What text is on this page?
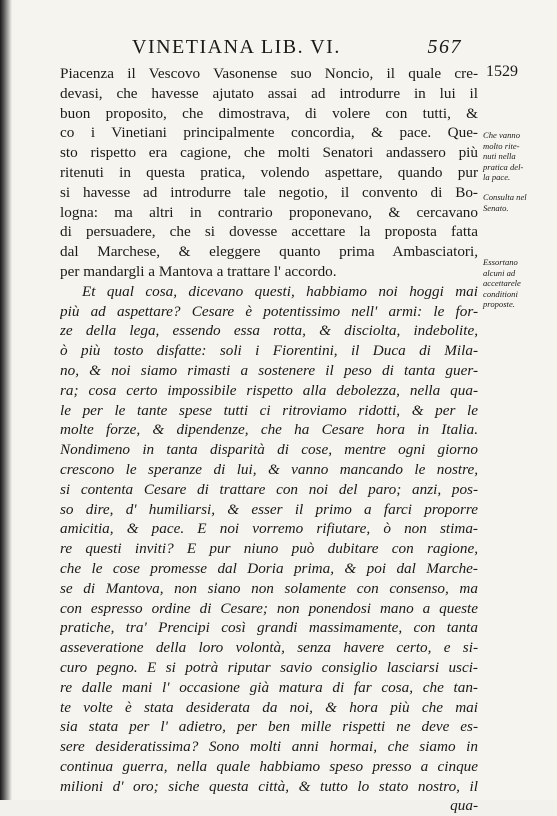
VINETIANA LIB. VI.	567
1529
Piacenza il Vescovo Vasonense suo Noncio, il quale cre-
devasi, che havesse ajutato assai ad introdurre in lui il
buon proposito, che dimostrava, di volere con tutti, &
co i Vinetiani principalmente concordia, & pace. Que-
sto rispetto era cagione, che molti Senatori andassero più
ritenuti in questa pratica, volendo aspettare, quando pur
si havesse ad introdurre tale negotio, il convento di Bo-
logna: ma altri in contrario proponevano, & cercavano
di persuadere, che si dovesse accettare la proposta fatta
dal Marchese, & eleggere quanto prima Ambasciatori,
per mandargli a Mantova a trattare l' accordo.
Et qual cosa, dicevano questi, habbiamo noi hoggi mai
più ad aspettare? Cesare è potentissimo nell' armi: le for-
ze della lega, essendo essa rotta, & disciolta, indebolite,
ò più tosto disfatte: soli i Fiorentini, il Duca di Mila-
no, & noi siamo rimasti a sostenere il peso di tanta guer-
ra; cosa certo impossibile rispetto alla debolezza, nella qua-
le per le tante spese tutti ci ritroviamo ridotti, & per le
molte forze, & dipendenze, che ha Cesare hora in Italia.
Nondimeno in tanta disparità di cose, mentre ogni giorno
crescono le speranze di lui, & vanno mancando le nostre,
si contenta Cesare di trattare con noi del paro; anzi, pos-
so dire, d' humiliarsi, & esser il primo a farci proporre
amicitia, & pace. E noi vorremo rifiutare, ò non stima-
re questi inviti? E pur niuno può dubitare con ragione,
che le cose promesse dal Doria prima, & poi dal Marche-
se di Mantova, non siano non solamente con consenso, ma
con espresso ordine di Cesare; non ponendosi mano a queste
pratiche, tra' Prencipi così grandi massimamente, con tanta
asseveratione della loro volontà, senza havere certo, e si-
curo pegno. E si potrà riputar savio consiglio lasciarsi usci-
re dalle mani l' occasione già matura di far cosa, che tan-
te volte è stata desiderata da noi, & hora più che mai
sia stata per l' adietro, per ben mille rispetti ne deve es-
sere desideratissima? Sono molti anni hormai, che siamo in
continua guerra, nella quale habbiamo speso presso a cinque
milioni d' oro; siche questa città, & tutto lo stato nostro, il
qua-
Che vanno
molto rite-
nuti nella
pratica del-
la pace.
Consulta nel
Senato.
Essortano
alcuni ad
accettarele
conditioni
proposte.
